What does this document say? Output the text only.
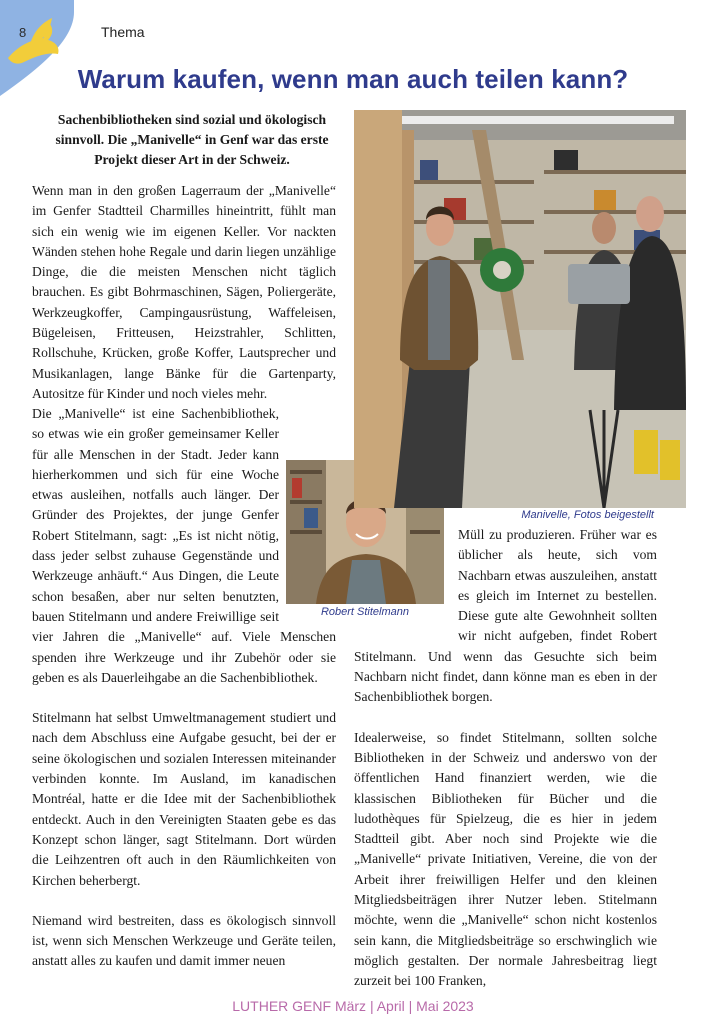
8	Thema
Warum kaufen, wenn man auch teilen kann?
Sachenbibliotheken sind sozial und ökologisch sinnvoll. Die „Manivelle“ in Genf war das erste Projekt dieser Art in der Schweiz.

Wenn man in den großen Lagerraum der „Manivelle“ im Genfer Stadtteil Charmilles hineintritt, fühlt man sich ein wenig wie im eigenen Keller. Vor nackten Wänden stehen hohe Regale und darin liegen unzählige Dinge, die die meisten Menschen nicht täglich brauchen. Es gibt Bohrmaschinen, Sägen, Poliergeräte, Werkzeugkoffer, Campingausrüstung, Waffeleisen, Bügeleisen, Fritteusen, Heizstrahler, Schlitten, Rollschuhe, Krücken, große Koffer, Lautsprecher und Musikanlagen, lange Bänke für die Gartenparty, Autositze für Kinder und noch vieles mehr.

Die „Manivelle“ ist eine Sachenbibliothek, so etwas wie ein großer gemeinsamer Keller für alle Menschen in der Stadt. Jeder kann hierherkommen und sich für eine Woche etwas ausleihen, notfalls auch länger. Der Gründer des Projektes, der junge Genfer Robert Stitelmann, sagt: „Es ist nicht nötig, dass jeder selbst zuhause Gegenstände und Werkzeuge anhäuft.“ Aus Dingen, die Leute schon besaßen, aber nur selten benutzten, bauen Stitelmann und andere Freiwillige seit vier Jahren die „Manivelle“ auf. Viele Menschen spenden ihre Werkzeuge und ihr Zubehör oder sie geben es als Dauerleihgabe an die Sachenbibliothek.

Stitelmann hat selbst Umweltmanagement studiert und nach dem Abschluss eine Aufgabe gesucht, bei der er seine ökologischen und sozialen Interessen miteinander verbinden konnte. Im Ausland, im kanadischen Montréal, hatte er die Idee mit der Sachenbibliothek entdeckt. Auch in den Vereinigten Staaten gebe es das Konzept schon länger, sagt Stitelmann. Dort würden die Leihzentren oft auch in den Räumlichkeiten von Kirchen beherbergt.

Niemand wird bestreiten, dass es ökologisch sinnvoll ist, wenn sich Menschen Werkzeuge und Geräte teilen, anstatt alles zu kaufen und damit immer neuen

Robert Stitelmann
Manivelle, Fotos beigestellt

Müll zu produzieren. Früher war es üblicher als heute, sich vom Nachbarn etwas auszuleihen, anstatt es gleich im Internet zu bestellen. Diese gute alte Gewohnheit sollten wir nicht aufgeben, findet Robert Stitelmann. Und wenn das Gesuchte sich beim Nachbarn nicht findet, dann könne man es eben in der Sachenbibliothek borgen.

Idealerweise, so findet Stitelmann, sollten solche Bibliotheken in der Schweiz und anderswo von der öffentlichen Hand finanziert werden, wie die klassischen Bibliotheken für Bücher und die ludothèques für Spielzeug, die es hier in jedem Stadtteil gibt. Aber noch sind Projekte wie die „Manivelle“ private Initiativen, Vereine, die von der Arbeit ihrer freiwilligen Helfer und den kleinen Mitgliedsbeiträgen ihrer Nutzer leben. Stitelmann möchte, wenn die „Manivelle“ schon nicht kostenlos sein kann, die Mitgliedsbeiträge so erschwinglich wie möglich gestalten. Der normale Jahresbeitrag liegt zurzeit bei 100 Franken,

LUTHER GENF März | April | Mai 2023
